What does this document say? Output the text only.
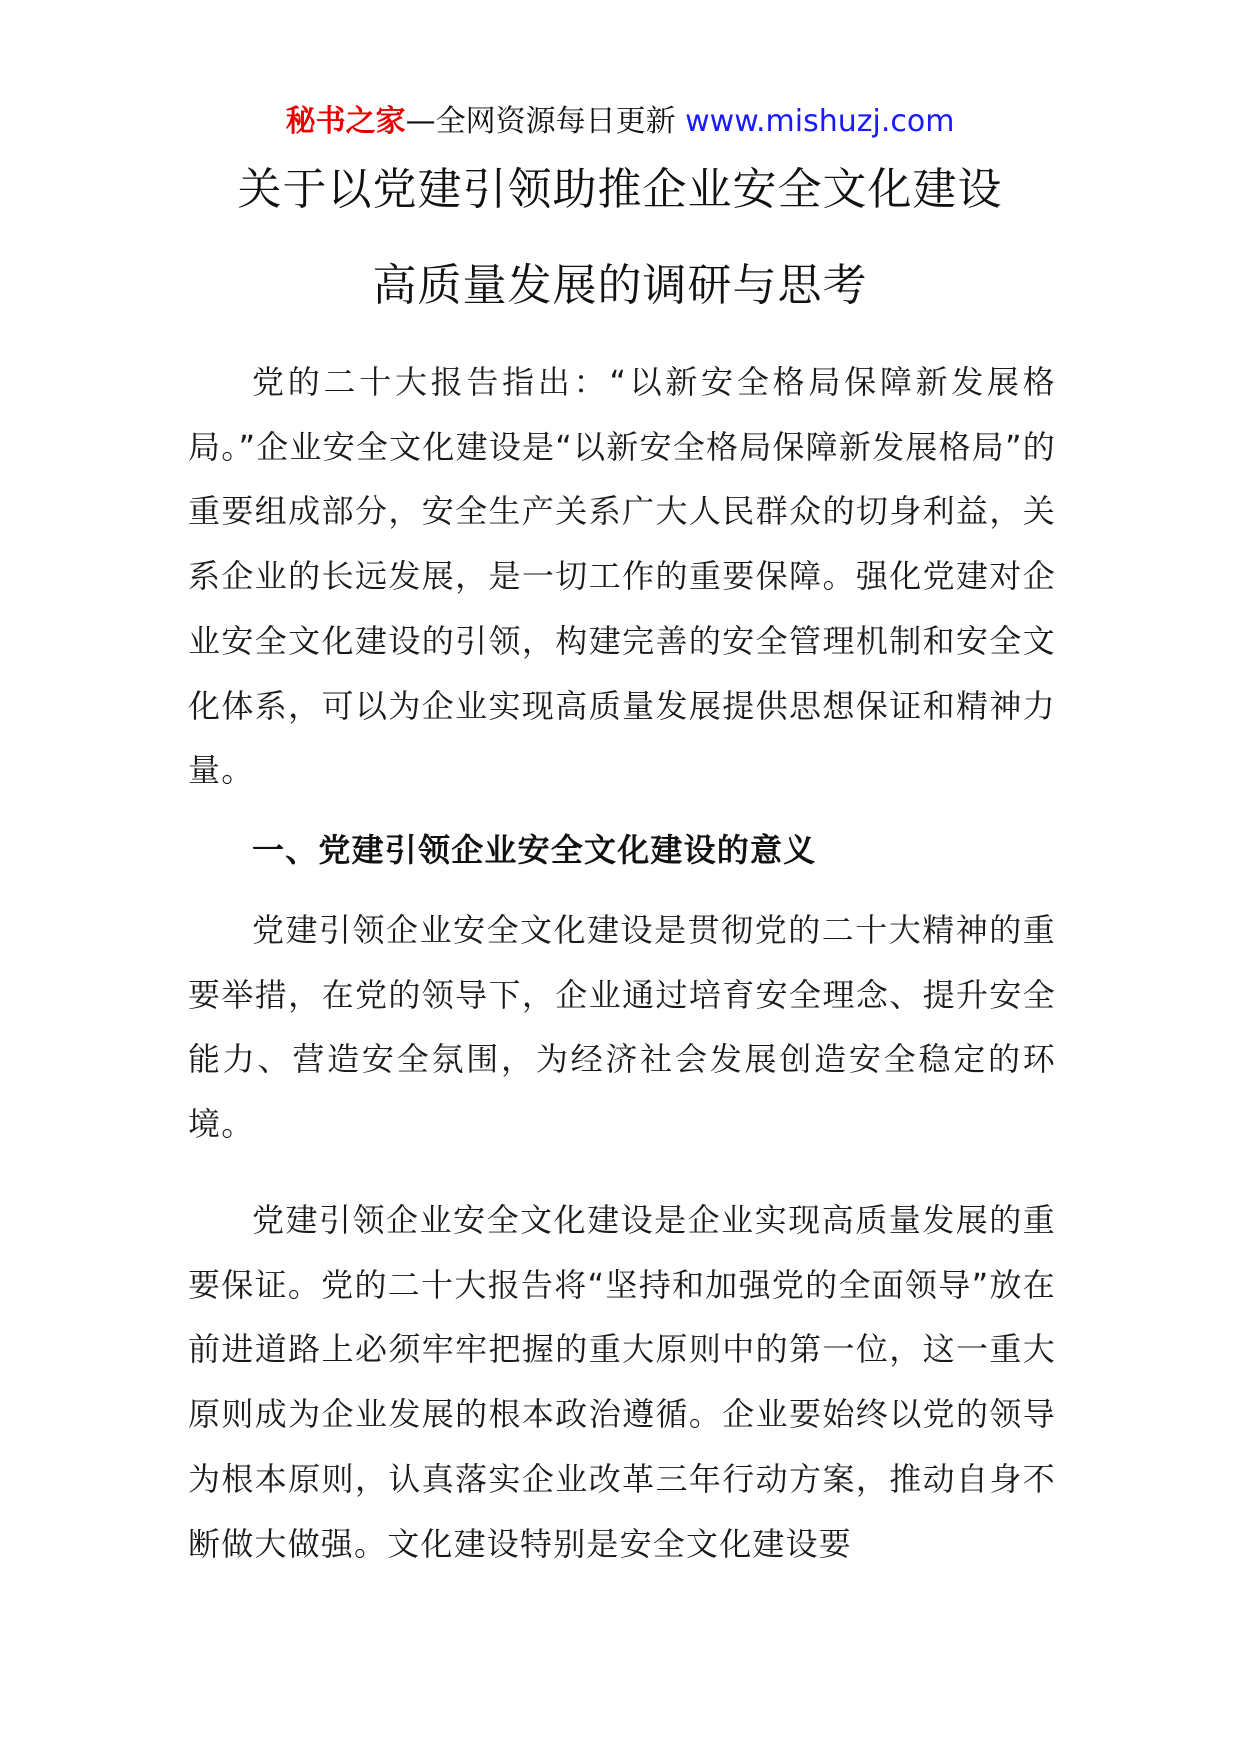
秘书之家—全网资源每日更新 www.mishuzj.com
关于以党建引领助推企业安全文化建设
高质量发展的调研与思考

党的二十大报告指出：“以新安全格局保障新发展格局。”企业安全文化建设是“以新安全格局保障新发展格局”的重要组成部分，安全生产关系广大人民群众的切身利益，关系企业的长远发展，是一切工作的重要保障。强化党建对企业安全文化建设的引领，构建完善的安全管理机制和安全文化体系，可以为企业实现高质量发展提供思想保证和精神力量。

一、党建引领企业安全文化建设的意义

党建引领企业安全文化建设是贯彻党的二十大精神的重要举措，在党的领导下，企业通过培育安全理念、提升安全能力、营造安全氛围，为经济社会发展创造安全稳定的环境。

党建引领企业安全文化建设是企业实现高质量发展的重要保证。党的二十大报告将“坚持和加强党的全面领导”放在前进道路上必须牢牢把握的重大原则中的第一位，这一重大原则成为企业发展的根本政治遵循。企业要始终以党的领导为根本原则，认真落实企业改革三年行动方案，推动自身不断做大做强。文化建设特别是安全文化建设要
